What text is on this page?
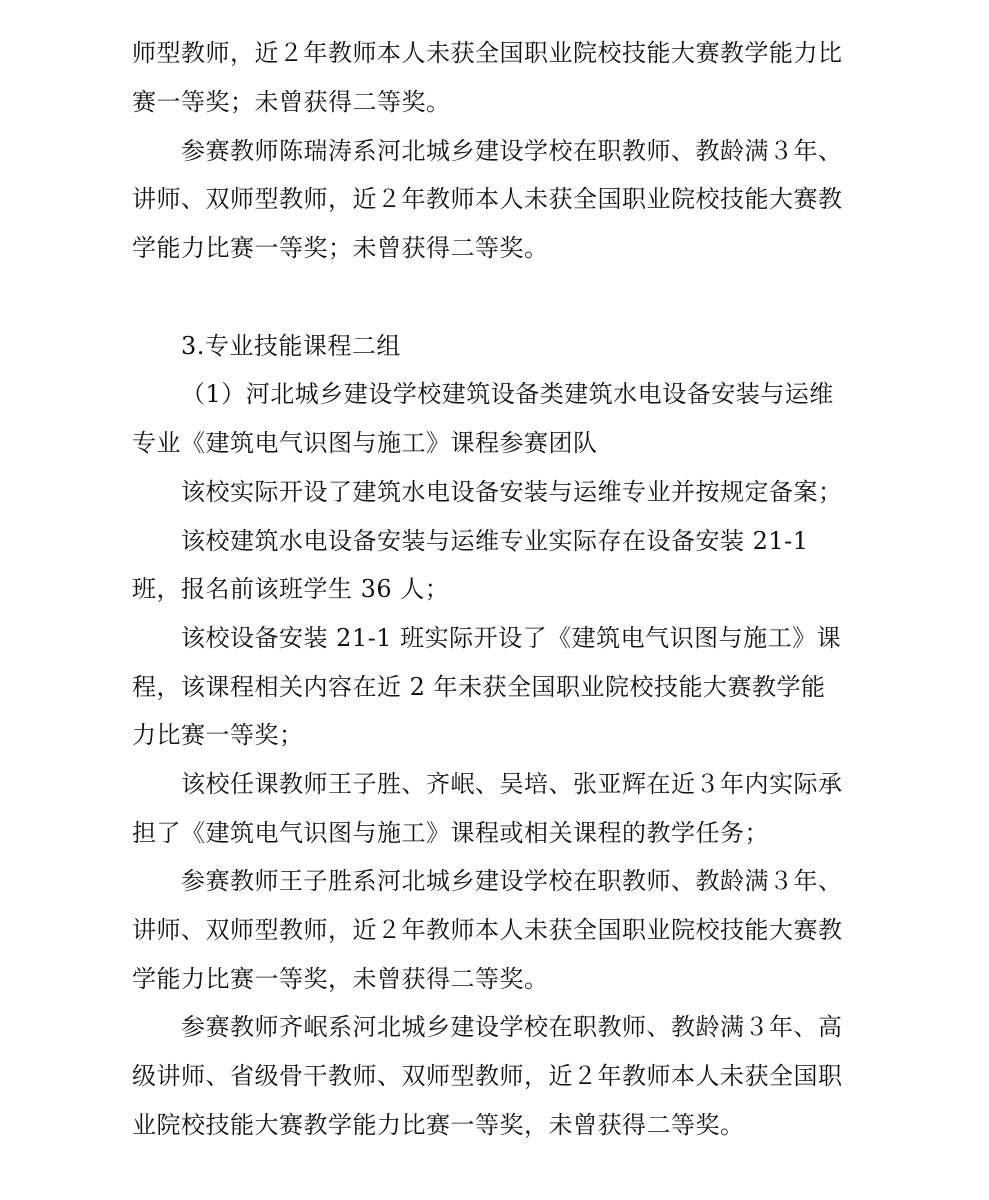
师型教师，近２年教师本人未获全国职业院校技能大赛教学能力比
赛一等奖；未曾获得二等奖。
参赛教师陈瑞涛系河北城乡建设学校在职教师、教龄满３年、
讲师、双师型教师，近２年教师本人未获全国职业院校技能大赛教
学能力比赛一等奖；未曾获得二等奖。
3.专业技能课程二组
（1）河北城乡建设学校建筑设备类建筑水电设备安装与运维
专业《建筑电气识图与施工》课程参赛团队
该校实际开设了建筑水电设备安装与运维专业并按规定备案；
该校建筑水电设备安装与运维专业实际存在设备安装 21-1
班，报名前该班学生 36 人；
该校设备安装 21-1 班实际开设了《建筑电气识图与施工》课
程，该课程相关内容在近 2 年未获全国职业院校技能大赛教学能
力比赛一等奖；
该校任课教师王子胜、齐岷、吴培、张亚辉在近３年内实际承
担了《建筑电气识图与施工》课程或相关课程的教学任务；
参赛教师王子胜系河北城乡建设学校在职教师、教龄满３年、
讲师、双师型教师，近２年教师本人未获全国职业院校技能大赛教
学能力比赛一等奖，未曾获得二等奖。
参赛教师齐岷系河北城乡建设学校在职教师、教龄满３年、高
级讲师、省级骨干教师、双师型教师，近２年教师本人未获全国职
业院校技能大赛教学能力比赛一等奖，未曾获得二等奖。
